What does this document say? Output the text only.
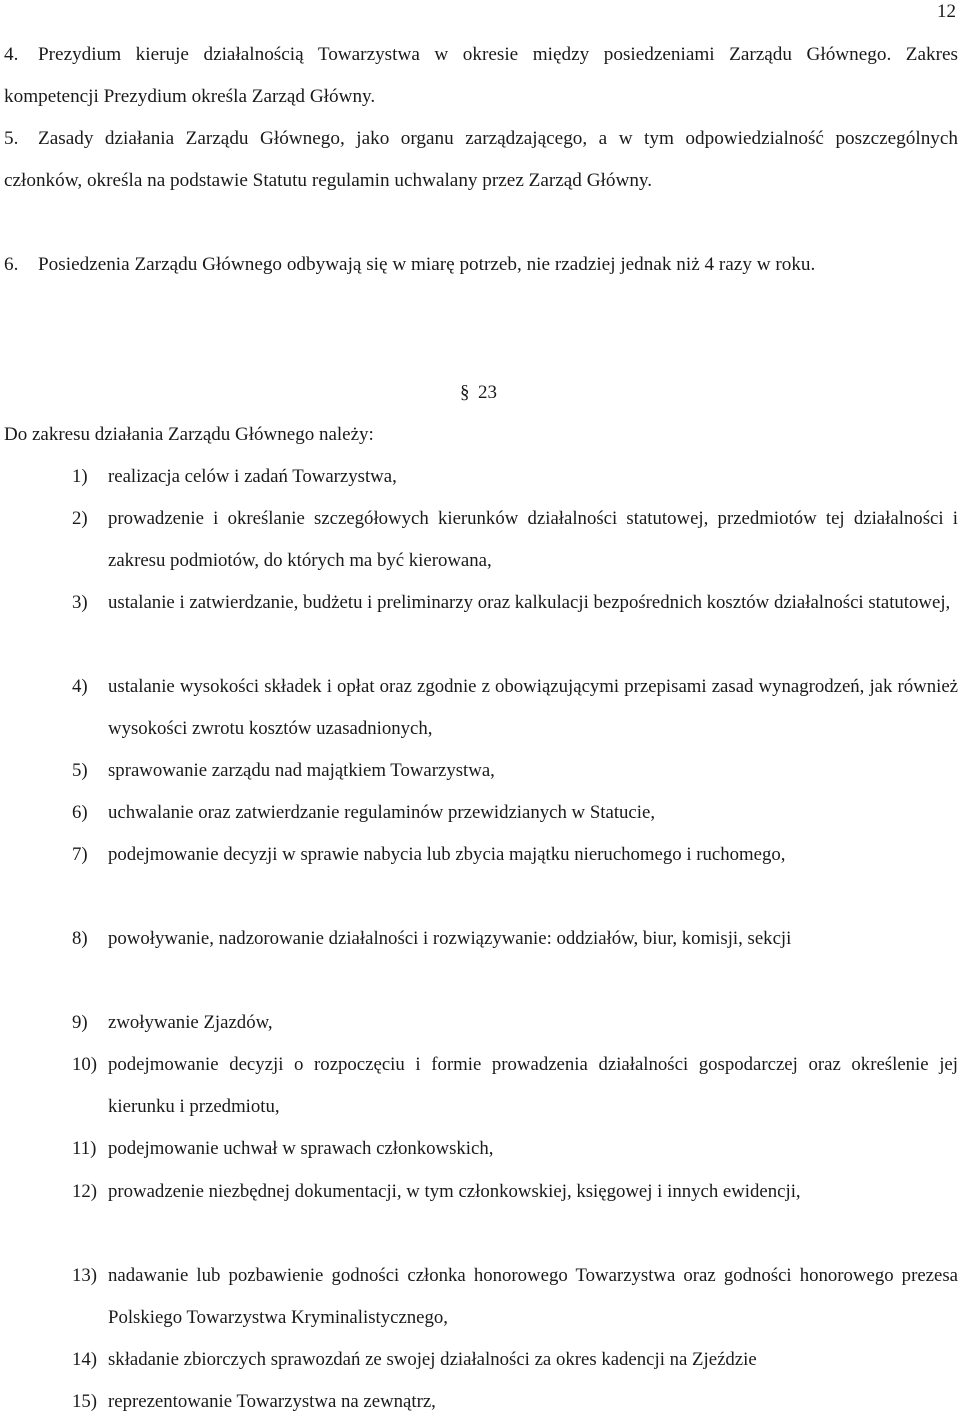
12
4. Prezydium kieruje działalnością Towarzystwa w okresie między posiedzeniami Zarządu Głównego. Zakres kompetencji Prezydium określa Zarząd Główny.
5. Zasady działania Zarządu Głównego, jako organu zarządzającego, a w tym odpowiedzialność poszczególnych członków, określa na podstawie Statutu regulamin uchwalany przez Zarząd Główny.
6. Posiedzenia Zarządu Głównego odbywają się w miarę potrzeb, nie rzadziej jednak niż 4 razy w roku.
§ 23
Do zakresu działania Zarządu Głównego należy:
1) realizacja celów i zadań Towarzystwa,
2) prowadzenie i określanie szczegółowych kierunków działalności statutowej, przedmiotów tej działalności i zakresu podmiotów, do których ma być kierowana,
3) ustalanie i zatwierdzanie, budżetu i preliminarzy oraz kalkulacji bezpośrednich kosztów działalności statutowej,
4) ustalanie wysokości składek i opłat oraz zgodnie z obowiązującymi przepisami zasad wynagrodzeń, jak również wysokości zwrotu kosztów uzasadnionych,
5) sprawowanie zarządu nad majątkiem Towarzystwa,
6) uchwalanie oraz zatwierdzanie regulaminów przewidzianych w Statucie,
7) podejmowanie decyzji w sprawie nabycia lub zbycia majątku nieruchomego i ruchomego,
8) powoływanie, nadzorowanie działalności i rozwiązywanie: oddziałów, biur, komisji, sekcji
9) zwoływanie Zjazdów,
10) podejmowanie decyzji o rozpoczęciu i formie prowadzenia działalności gospodarczej oraz określenie jej kierunku i przedmiotu,
11) podejmowanie uchwał w sprawach członkowskich,
12) prowadzenie niezbędnej dokumentacji, w tym członkowskiej, księgowej i innych ewidencji,
13) nadawanie lub pozbawienie godności członka honorowego Towarzystwa oraz godności honorowego prezesa Polskiego Towarzystwa Kryminalistycznego,
14) składanie zbiorczych sprawozdań ze swojej działalności za okres kadencji na Zjeździe
15) reprezentowanie Towarzystwa na zewnątrz,
